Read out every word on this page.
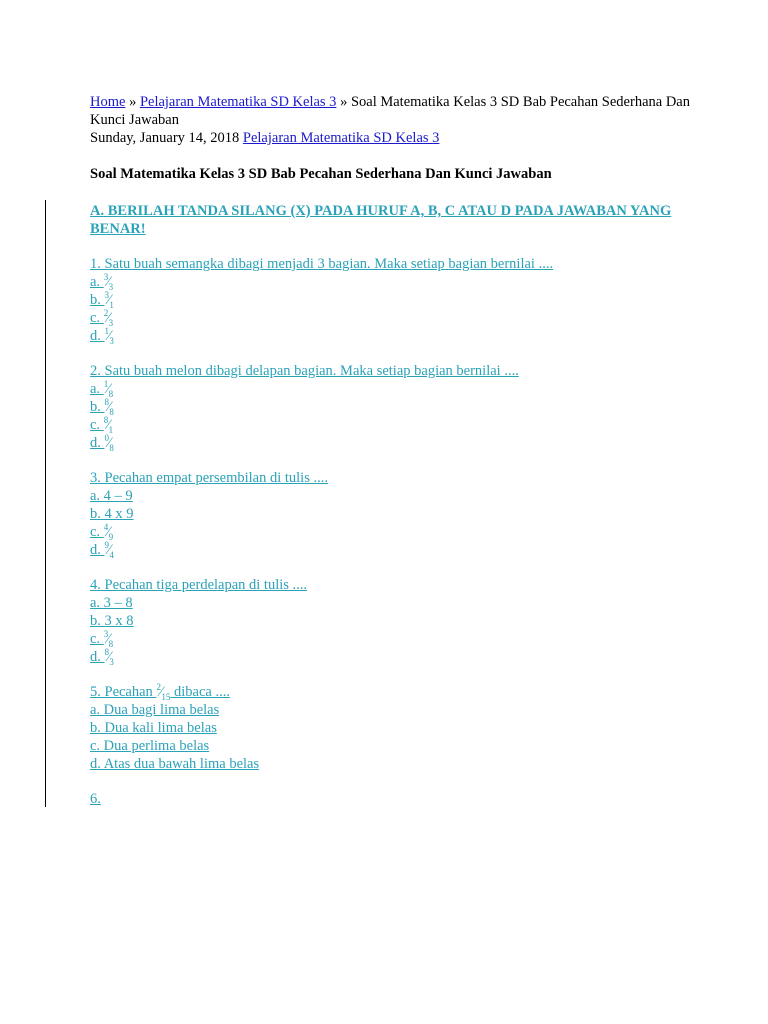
Home » Pelajaran Matematika SD Kelas 3 » Soal Matematika Kelas 3 SD Bab Pecahan Sederhana Dan Kunci Jawaban
Sunday, January 14, 2018 Pelajaran Matematika SD Kelas 3
Soal Matematika Kelas 3 SD Bab Pecahan Sederhana Dan Kunci Jawaban
A. BERILAH TANDA SILANG (X) PADA HURUF A, B, C ATAU D PADA JAWABAN YANG BENAR!
1. Satu buah semangka dibagi menjadi 3 bagian. Maka setiap bagian bernilai ....
a. $^3⁄_3$
b. $^3⁄_1$
c. $^2⁄_3$
d. $^1⁄_3$
2. Satu buah melon dibagi delapan bagian. Maka setiap bagian bernilai ....
a. $^1⁄_8$
b. $^8⁄_8$
c. $^8⁄_1$
d. $^0⁄_8$
3. Pecahan empat persembilan di tulis ....
a. 4 – 9
b. 4 x 9
c. $^4⁄_9$
d. $^9⁄_4$
4. Pecahan tiga perdelapan di tulis ....
a. 3 – 8
b. 3 x 8
c. $^3⁄_8$
d. $^8⁄_3$
5. Pecahan $^2⁄_{15}$ dibaca ....
a. Dua bagi lima belas
b. Dua kali lima belas
c. Dua perlima belas
d. Atas dua bawah lima belas
6.
